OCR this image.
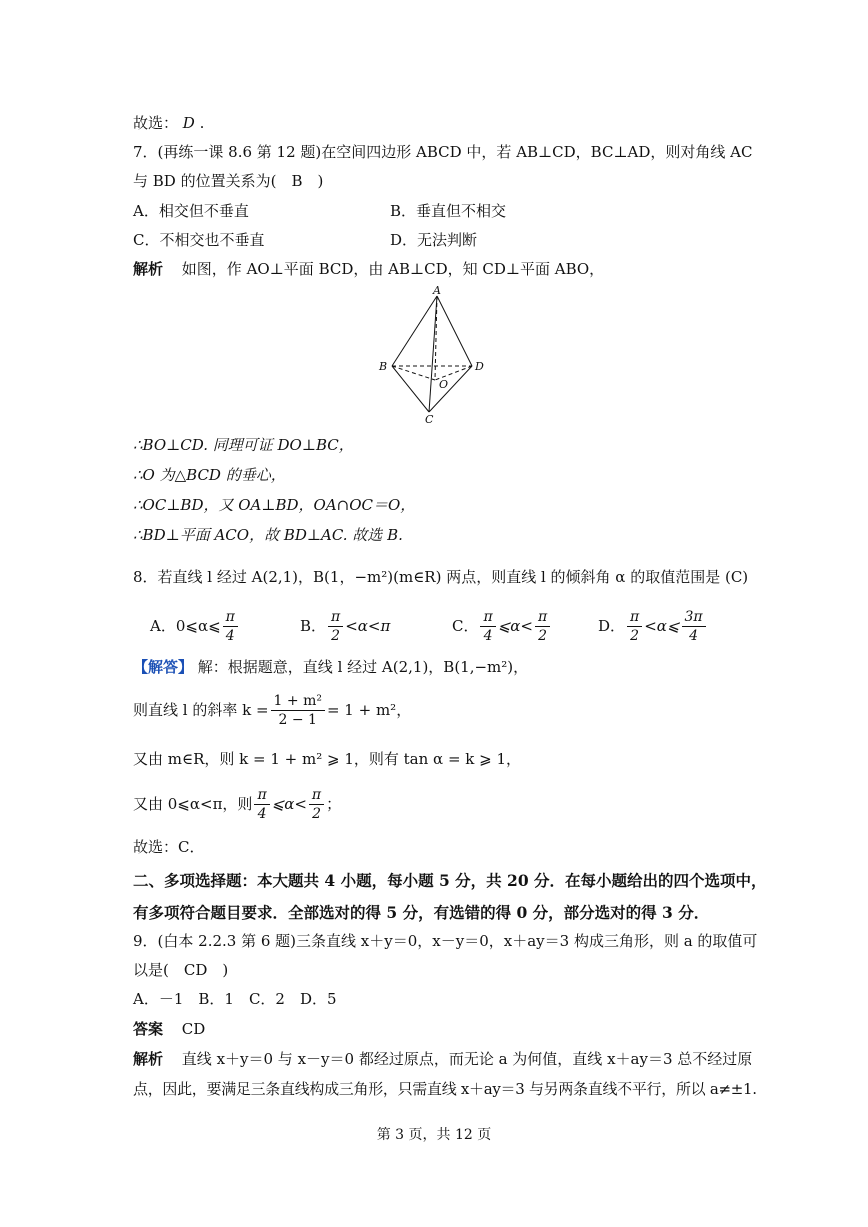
故选： D .
7．(再练一课 8.6 第 12 题)在空间四边形 ABCD 中，若 AB⊥CD，BC⊥AD，则对角线 AC
与 BD 的位置关系为(　B　)
A．相交但不垂直	B．垂直但不相交
C．不相交也不垂直	D．无法判断
解析 如图，作 AO⊥平面 BCD，由 AB⊥CD，知 CD⊥平面 ABO，
A
B
C
D
O
∴BO⊥CD. 同理可证 DO⊥BC，
∴O 为△BCD 的垂心，
∴OC⊥BD，又 OA⊥BD，OA∩OC＝O，
∴BD⊥平面 ACO，故 BD⊥AC. 故选 B.
8．若直线 l 经过 A(2,1)，B(1，−m²)(m∈R) 两点，则直线 l 的倾斜角 α 的取值范围是 (C)
A．0⩽α⩽ $\frac{\pi}{4}$	B． $\frac{\pi}{2} <\alpha<\pi$	C． $\frac{\pi}{4}$ ⩽α< $\frac{\pi}{2}$	D． $\frac{\pi}{2}$ <α⩽ $\frac{3\pi}{4}$
【解答】 解：根据题意，直线 l 经过 A(2,1)，B(1,−m²)，
则直线 l 的斜率 $k = \frac{\text{1 + m²}}{2 - 1} = 1 + m^2$，
又由 m∈R，则 k = 1 + m² ⩾ 1，则有 tan α = k ⩾ 1，
又由 0⩽α<π，则 $\frac{\pi}{4}$ ⩽α< $\frac{\pi}{2}$ ；
故选：C．
二、多项选择题：本大题共 4 小题，每小题 5 分，共 20 分．在每小题给出的四个选项中，
有多项符合题目要求．全部选对的得 5 分，有选错的得 0 分，部分选对的得 3 分．
9．(白本 2.2.3 第 6 题)三条直线 x＋y＝0，x－y＝0，x＋ay＝3 构成三角形，则 a 的取值可
以是(　CD　)
A．－1　B．1　C．2　D．5
答案 CD
解析 直线 x＋y＝0 与 x－y＝0 都经过原点，而无论 a 为何值，直线 x＋ay＝3 总不经过原
点，因此，要满足三条直线构成三角形，只需直线 x＋ay＝3 与另两条直线不平行，所以 a≠±1.
第 3 页，共 12 页
